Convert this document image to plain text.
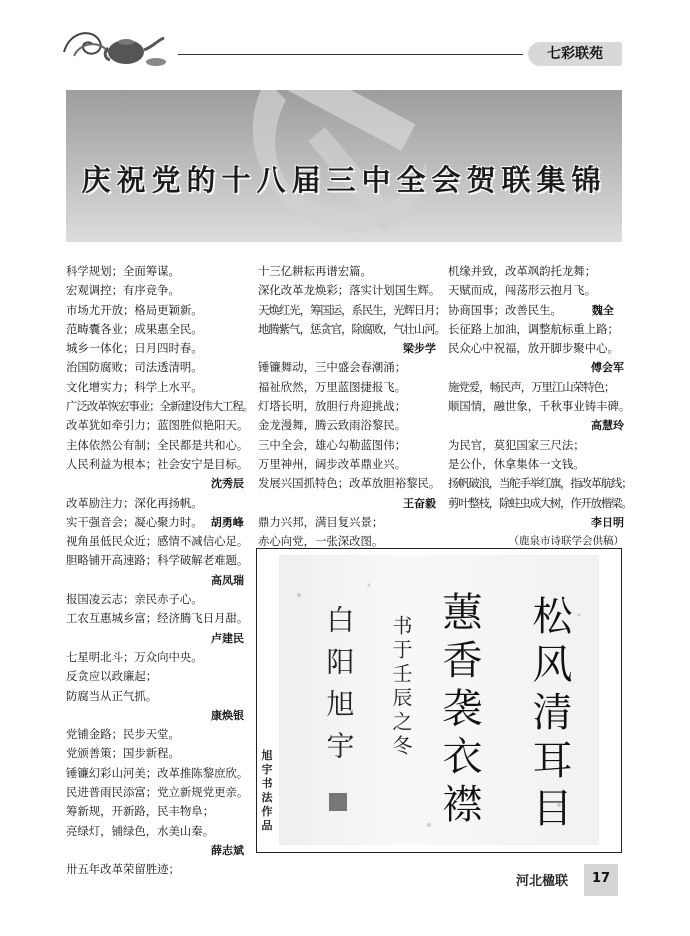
七彩联苑
庆祝党的十八届三中全会贺联集锦
科学规划；全面筹谋。
宏观调控；有序竞争。
市场尤开放；格局更颖新。
范畴囊各业；成果惠全民。
城乡一体化；日月四时春。
治国防腐败；司法透清明。
文化增实力；科学上水平。
广泛改革恢宏事业；全新建设伟大工程。
改革犹如牵引力；蓝图胜似艳阳天。
主体依然公有制；全民都是共和心。
人民利益为根本；社会安宁是目标。
沈秀辰
改革励注力；深化再扬帆。
实干强音会；凝心聚力时。 胡勇峰
视角虽低民众近；感情不减信心足。
胆略铺开高速路；科学破解老难题。
高凤瑞
报国凌云志；亲民赤子心。
工农互惠城乡富；经济腾飞日月甜。
卢建民
七星明北斗；万众向中央。
反贪应以政廉起；
防腐当从正气抓。
康焕银
党铺金路；民步天堂。
党颁善策；国步新程。
锤镰幻彩山河美；改革推陈黎庶欣。
民进普雨民添富；党立新规党更亲。
筹新规，开新路，民丰物阜；
亮绿灯，铺绿色，水美山秦。
薛志斌
卅五年改革荣留胜迹；
十三亿耕耘再谱宏篇。
深化改革龙焕彩；落实计划国生辉。
天焕红光，筹国运，系民生，光辉日月；
地腾紫气，惩贪官，除腐败，气壮山河。
梁步学
锤镰舞动，三中盛会春潮涌；
福祉欣然，万里蓝图捷报飞。
灯塔长明，放胆行舟迎挑战；
金龙漫舞，腾云致雨浴黎民。
三中全会，雄心勾勒蓝图伟；
万里神州，阔步改革鼎业兴。
发展兴国抓特色；改革放胆裕黎民。
王奋毅
鼎力兴邦，满目复兴景；
赤心向党，一张深改图。
机缘并致，改革飒韵托龙舞；
天赋而成，闯荡形云抱月飞。
协商国事；改善民生。	魏全
长征路上加油，调整航标重上路；
民众心中祝福，放开脚步聚中心。
傅会军
施党爱，畅民声，万里江山荣特色；
顺国情，融世象，千秋事业铸丰碑。
高慧玲
为民官，莫犯国家三尺法；
是公仆，休拿集体一文钱。
扬帆破浪，当舵手举红旗，指改革航线；
剪叶整枝，除蛀虫成大树，作开放楷梁。
李日明
（鹿泉市诗联学会供稿）
旭
宇
书
法
作
品	松风清耳目
蕙香袭衣襟
书于壬辰之冬
白阳旭宇
河北楹联 17
